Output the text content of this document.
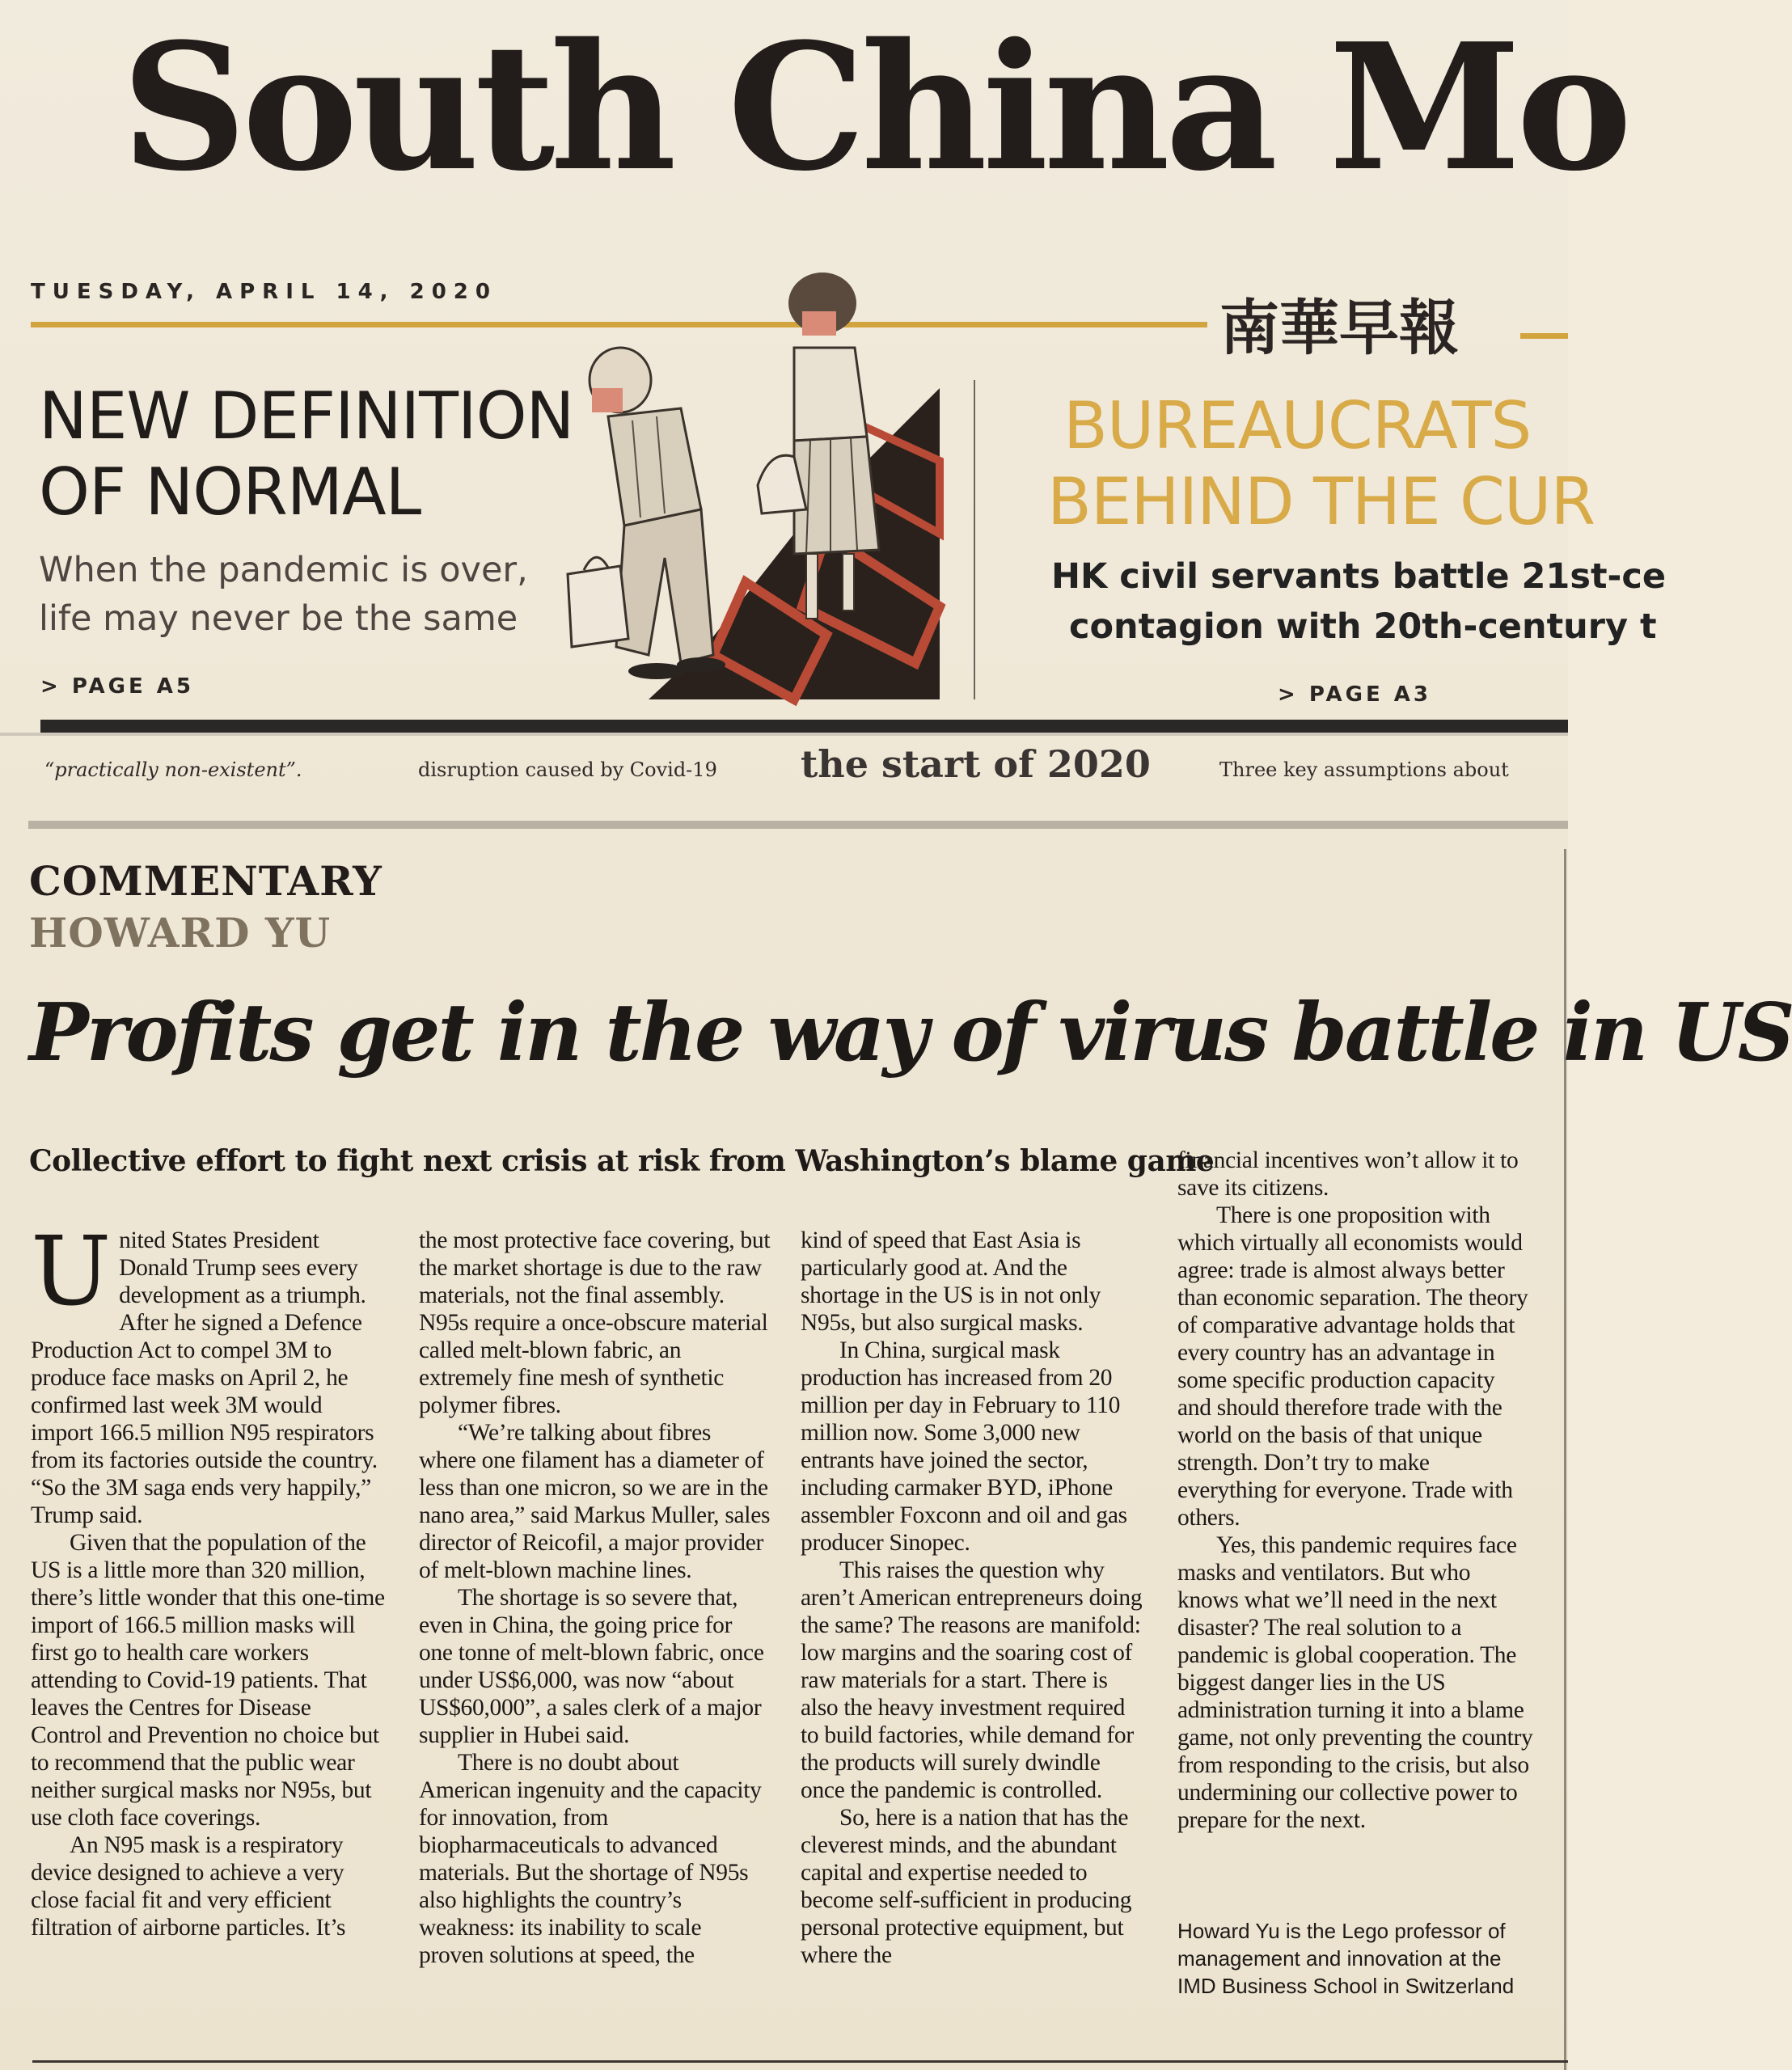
South China Mo
TUESDAY, APRIL 14, 2020
南華早報
NEW DEFINITION
OF NORMAL
When the pandemic is over,
life may never be the same
> PAGE A5
BUREAUCRATS
BEHIND THE CUR
HK civil servants battle 21st-ce
contagion with 20th-century t
> PAGE A3
“practically non-existent”.	disruption caused by Covid-19 the start of 2020	Three key assumptions about
COMMENTARY
HOWARD YU
Profits get in the way of virus battle in US
Collective effort to fight next crisis at risk from Washington’s blame game
U nited States President Donald Trump sees every development as a triumph. After he signed a Defence Production Act to compel 3M to produce face masks on April 2, he confirmed last week 3M would import 166.5 million N95 respirators from its factories outside the country. “So the 3M saga ends very happily,” Trump said.

Given that the population of the US is a little more than 320 million, there’s little wonder that this one-time import of 166.5 million masks will first go to health care workers attending to Covid-19 patients. That leaves the Centres for Disease Control and Prevention no choice but to recommend that the public wear neither surgical masks nor N95s, but use cloth face coverings.

An N95 mask is a respiratory device designed to achieve a very close facial fit and very efficient filtration of airborne particles. It’s

the most protective face covering, but the market shortage is due to the raw materials, not the final assembly. N95s require a once-obscure material called melt-blown fabric, an extremely fine mesh of synthetic polymer fibres.

“We’re talking about fibres where one filament has a diameter of less than one micron, so we are in the nano area,” said Markus Muller, sales director of Reicofil, a major provider of melt-blown machine lines.

The shortage is so severe that, even in China, the going price for one tonne of melt-blown fabric, once under US$6,000, was now “about US$60,000”, a sales clerk of a major supplier in Hubei said.

There is no doubt about American ingenuity and the capacity for innovation, from biopharmaceuticals to advanced materials. But the shortage of N95s also highlights the country’s weakness: its inability to scale proven solutions at speed, the

kind of speed that East Asia is particularly good at. And the shortage in the US is in not only N95s, but also surgical masks.

In China, surgical mask production has increased from 20 million per day in February to 110 million now. Some 3,000 new entrants have joined the sector, including carmaker BYD, iPhone assembler Foxconn and oil and gas producer Sinopec.

This raises the question why aren’t American entrepreneurs doing the same? The reasons are manifold: low margins and the soaring cost of raw materials for a start. There is also the heavy investment required to build factories, while demand for the products will surely dwindle once the pandemic is controlled.

So, here is a nation that has the cleverest minds, and the abundant capital and expertise needed to become self-sufficient in producing personal protective equipment, but where the

financial incentives won’t allow it to save its citizens.

There is one proposition with which virtually all economists would agree: trade is almost always better than economic separation. The theory of comparative advantage holds that every country has an advantage in some specific production capacity and should therefore trade with the world on the basis of that unique strength. Don’t try to make everything for everyone. Trade with others.

Yes, this pandemic requires face masks and ventilators. But who knows what we’ll need in the next disaster? The real solution to a pandemic is global cooperation. The biggest danger lies in the US administration turning it into a blame game, not only preventing the country from responding to the crisis, but also undermining our collective power to prepare for the next.

Howard Yu is the Lego professor of management and innovation at the IMD Business School in Switzerland
